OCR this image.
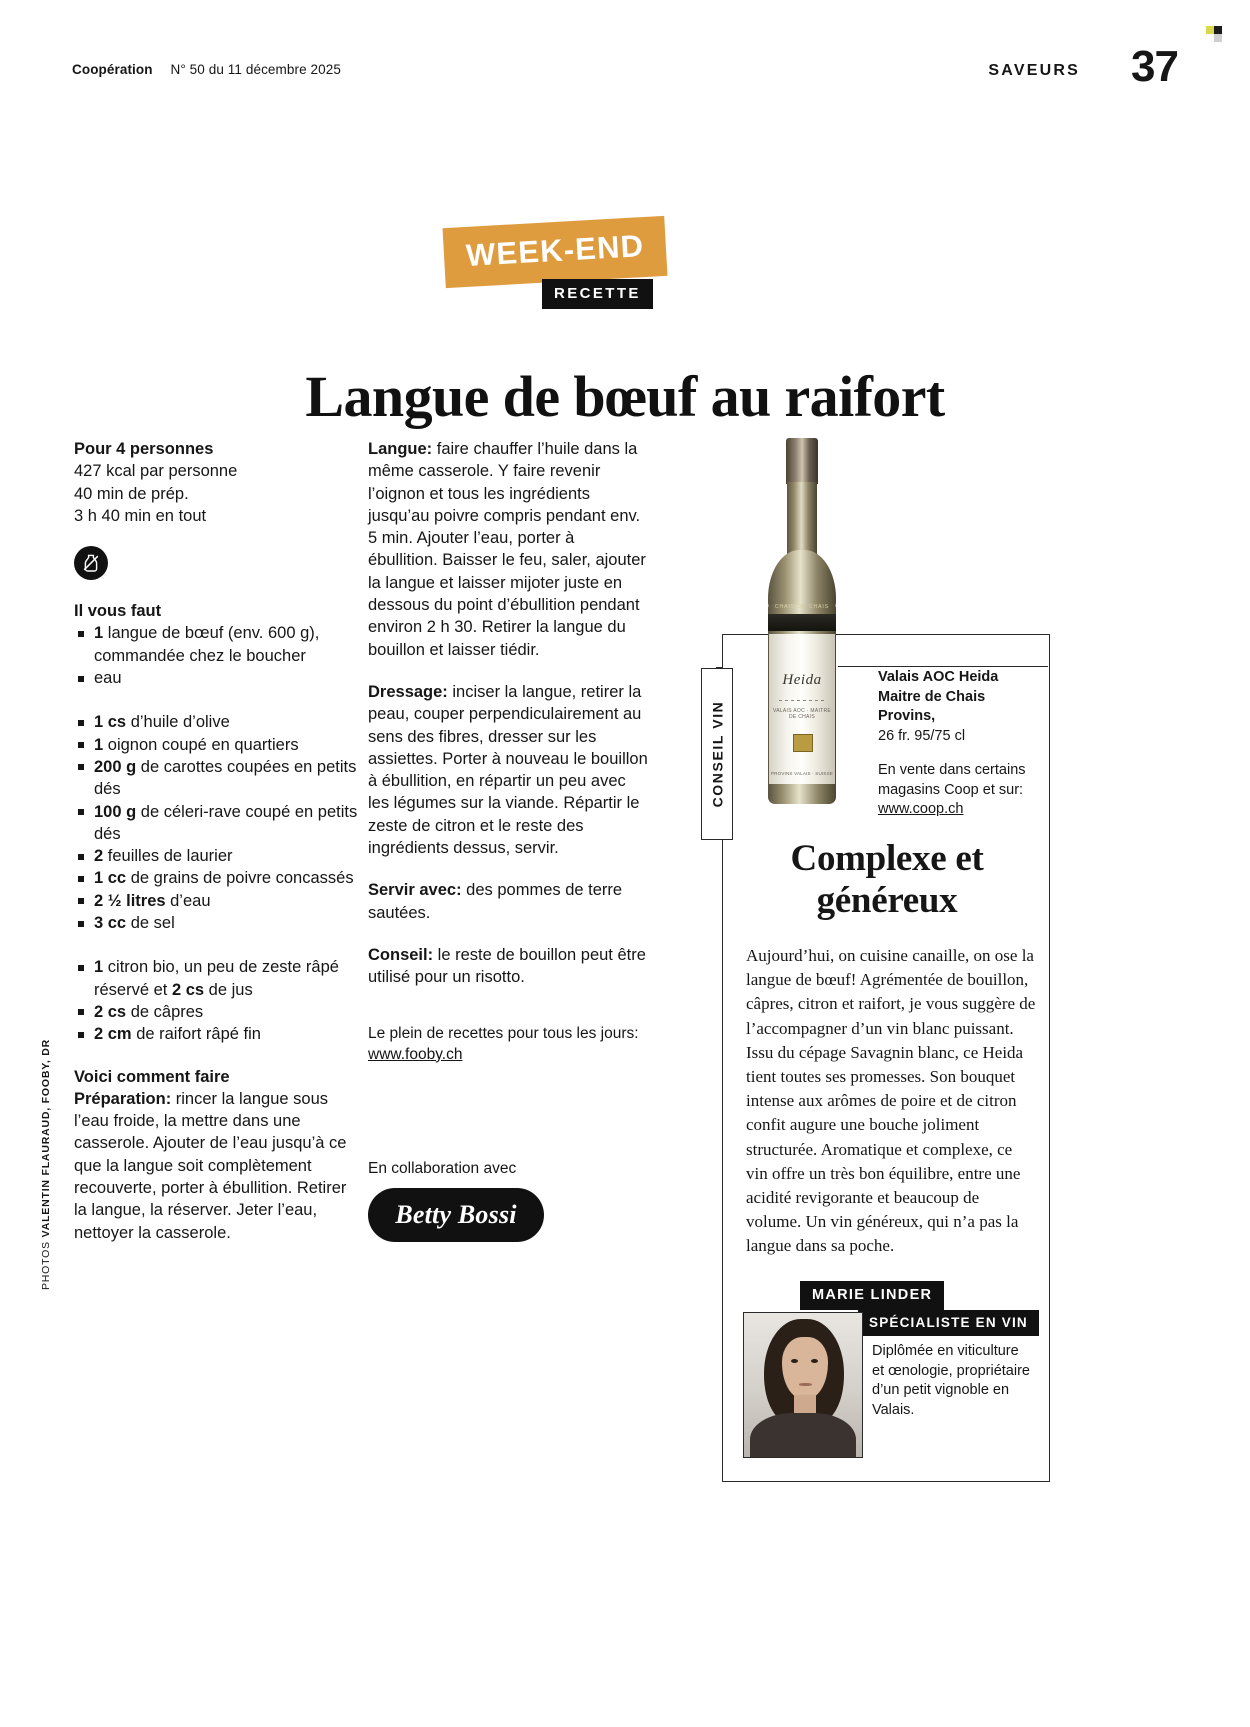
Coopération N° 50 du 11 décembre 2025	SAVEURS 37
WEEK-END
RECETTE
Langue de bœuf au raifort
Pour 4 personnes
427 kcal par personne
40 min de prép.
3 h 40 min en tout
Il vous faut
1 langue de bœuf (env. 600 g), commandée chez le boucher
eau
1 cs d’huile d’olive
1 oignon coupé en quartiers
200 g de carottes coupées en petits dés
100 g de céleri-rave coupé en petits dés
2 feuilles de laurier
1 cc de grains de poivre concassés
2 ½ litres d’eau
3 cc de sel
1 citron bio, un peu de zeste râpé réservé et 2 cs de jus
2 cs de câpres
2 cm de raifort râpé fin
Voici comment faire

Préparation: rincer la langue sous l’eau froide, la mettre dans une casserole. Ajouter de l’eau jusqu’à ce que la langue soit complètement recouverte, porter à ébullition. Retirer la langue, la réserver. Jeter l’eau, nettoyer la casserole.

Langue: faire chauffer l’huile dans la même casserole. Y faire revenir l’oignon et tous les ingrédients jusqu’au poivre compris pendant env. 5 min. Ajouter l’eau, porter à ébullition. Baisser le feu, saler, ajouter la langue et laisser mijoter juste en dessous du point d’ébullition pendant environ 2 h 30. Retirer la langue du bouillon et laisser tiédir.

Dressage: inciser la langue, retirer la peau, couper perpendiculairement au sens des fibres, dresser sur les assiettes. Porter à nouveau le bouillon à ébullition, en répartir un peu avec les légumes sur la viande. Répartir le zeste de citron et le reste des ingrédients dessus, servir.

Servir avec: des pommes de terre sautées.

Conseil: le reste de bouillon peut être utilisé pour un risotto.

Le plein de recettes pour tous les jours:
www.fooby.ch
En collaboration avec
Betty Bossi
CONSEIL VIN
CHAIS DE CHAIS
Heida
VALAIS AOC · MAITRE DE CHAIS
PROVINS VALAIS · SUISSE
Valais AOC Heida Maitre de Chais Provins,
26 fr. 95/75 cl
En vente dans certains magasins Coop et sur:
www.coop.ch
Complexe et
généreux
Aujourd’hui, on cuisine canaille, on ose la langue de bœuf! Agrémentée de bouillon, câpres, citron et raifort, je vous suggère de l’accompagner d’un vin blanc puissant. Issu du cépage Savagnin blanc, ce Heida tient toutes ses promesses. Son bouquet intense aux arômes de poire et de citron confit augure une bouche joliment structurée. Aromatique et complexe, ce vin offre un très bon équilibre, entre une acidité revigorante et beaucoup de volume. Un vin généreux, qui n’a pas la langue dans sa poche.
MARIE LINDER
SPÉCIALISTE EN VIN
Diplômée en viticulture et œnologie, propriétaire d’un petit vignoble en Valais.
PHOTOS VALENTIN FLAURAUD, FOOBY, DR
